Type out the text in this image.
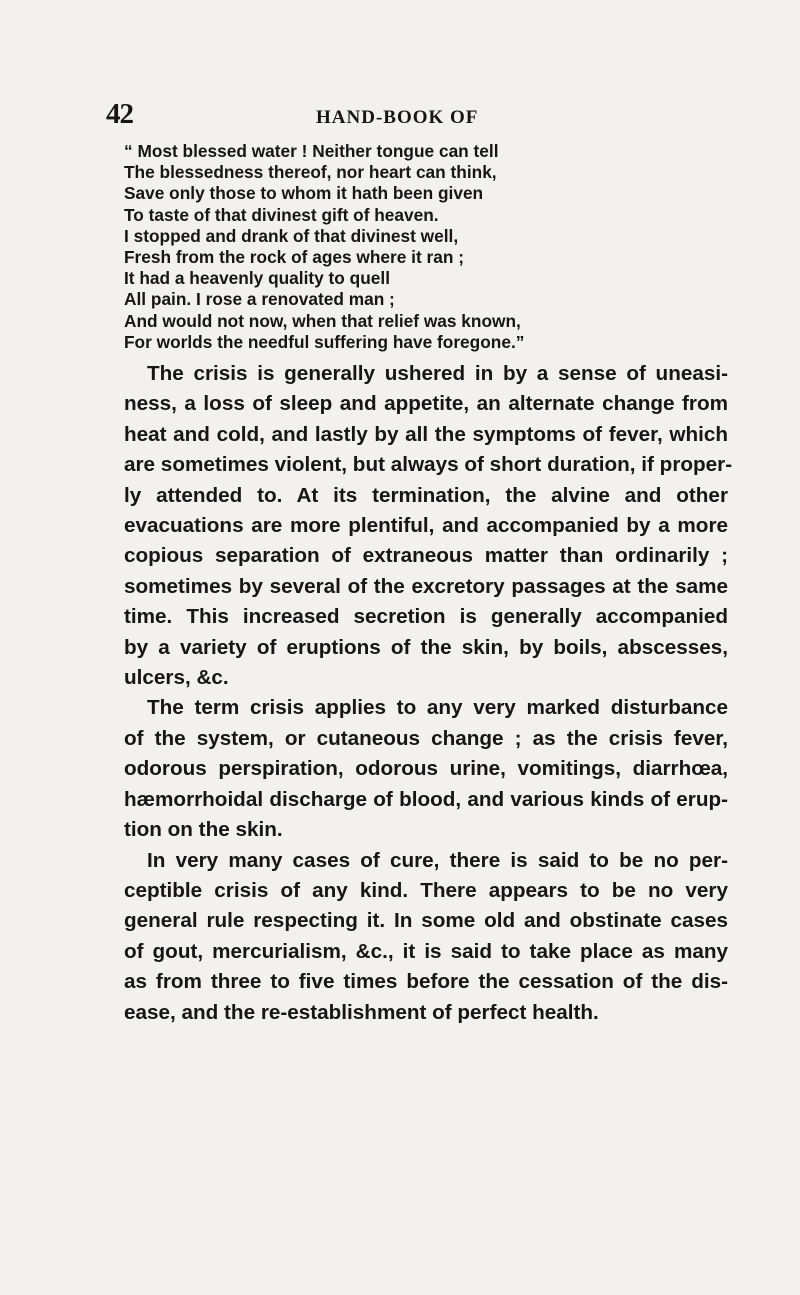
42	HAND-BOOK OF
“ Most blessed water ! Neither tongue can tell
The blessedness thereof, nor heart can think,
Save only those to whom it hath been given
To taste of that divinest gift of heaven.
I stopped and drank of that divinest well,
Fresh from the rock of ages where it ran ;
It had a heavenly quality to quell
All pain. I rose a renovated man ;
And would not now, when that relief was known,
For worlds the needful suffering have foregone.”
The crisis is generally ushered in by a sense of uneasi-
ness, a loss of sleep and appetite, an alternate change from
heat and cold, and lastly by all the symptoms of fever, which
are sometimes violent, but always of short duration, if proper-
ly attended to. At its termination, the alvine and other
evacuations are more plentiful, and accompanied by a more
copious separation of extraneous matter than ordinarily ;
sometimes by several of the excretory passages at the same
time. This increased secretion is generally accompanied
by a variety of eruptions of the skin, by boils, abscesses,
ulcers, &c.
The term crisis applies to any very marked disturbance
of the system, or cutaneous change ; as the crisis fever,
odorous perspiration, odorous urine, vomitings, diarrhœa,
hæmorrhoidal discharge of blood, and various kinds of erup-
tion on the skin.
In very many cases of cure, there is said to be no per-
ceptible crisis of any kind. There appears to be no very
general rule respecting it. In some old and obstinate cases
of gout, mercurialism, &c., it is said to take place as many
as from three to five times before the cessation of the dis-
ease, and the re-establishment of perfect health.
